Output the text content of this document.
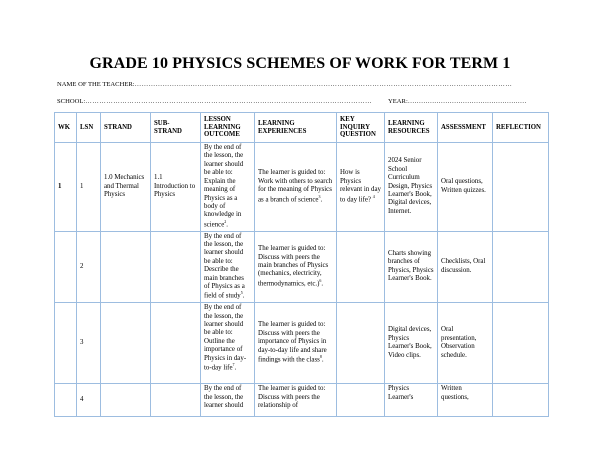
GRADE 10 PHYSICS SCHEMES OF WORK FOR TERM 1
NAME OF THE TEACHER:………………………………………………………………………………………………………………………………………………
SCHOOL:……………………………………………………………………………………………………………	YEAR:………………………………………………
WK	LSN	STRAND	SUB-STRAND	LESSON LEARNING OUTCOME	LEARNING EXPERIENCES	KEY INQUIRY QUESTION	LEARNING RESOURCES	ASSESSMENT	REFLECTION
1	1	1.0 Mechanics and Thermal Physics	1.1 Introduction to Physics	By the end of the lesson, the learner should be able to: Explain the meaning of Physics as a body of knowledge in science$^2$.	The learner is guided to: Work with others to search for the meaning of Physics as a branch of science$^3$.	How is Physics relevant in day to day life? $^4$	2024 Senior School Curriculum Design, Physics Learner's Book, Digital devices, Internet.	Oral questions, Written quizzes.	
	2			By the end of the lesson, the learner should be able to: Describe the main branches of Physics as a field of study$^5$.	The learner is guided to: Discuss with peers the main branches of Physics (mechanics, electricity, thermodynamics, etc.)$^6$.		Charts showing branches of Physics, Physics Learner's Book.	Checklists, Oral discussion.	
	3			By the end of the lesson, the learner should be able to: Outline the importance of Physics in day-to-day life$^7$.	The learner is guided to: Discuss with peers the importance of Physics in day-to-day life and share findings with the class$^8$.		Digital devices, Physics Learner's Book, Video clips.	Oral presentation, Observation schedule.	
	4			By the end of the lesson, the learner should	The learner is guided to: Discuss with peers the relationship of		Physics Learner's	Written questions,	
